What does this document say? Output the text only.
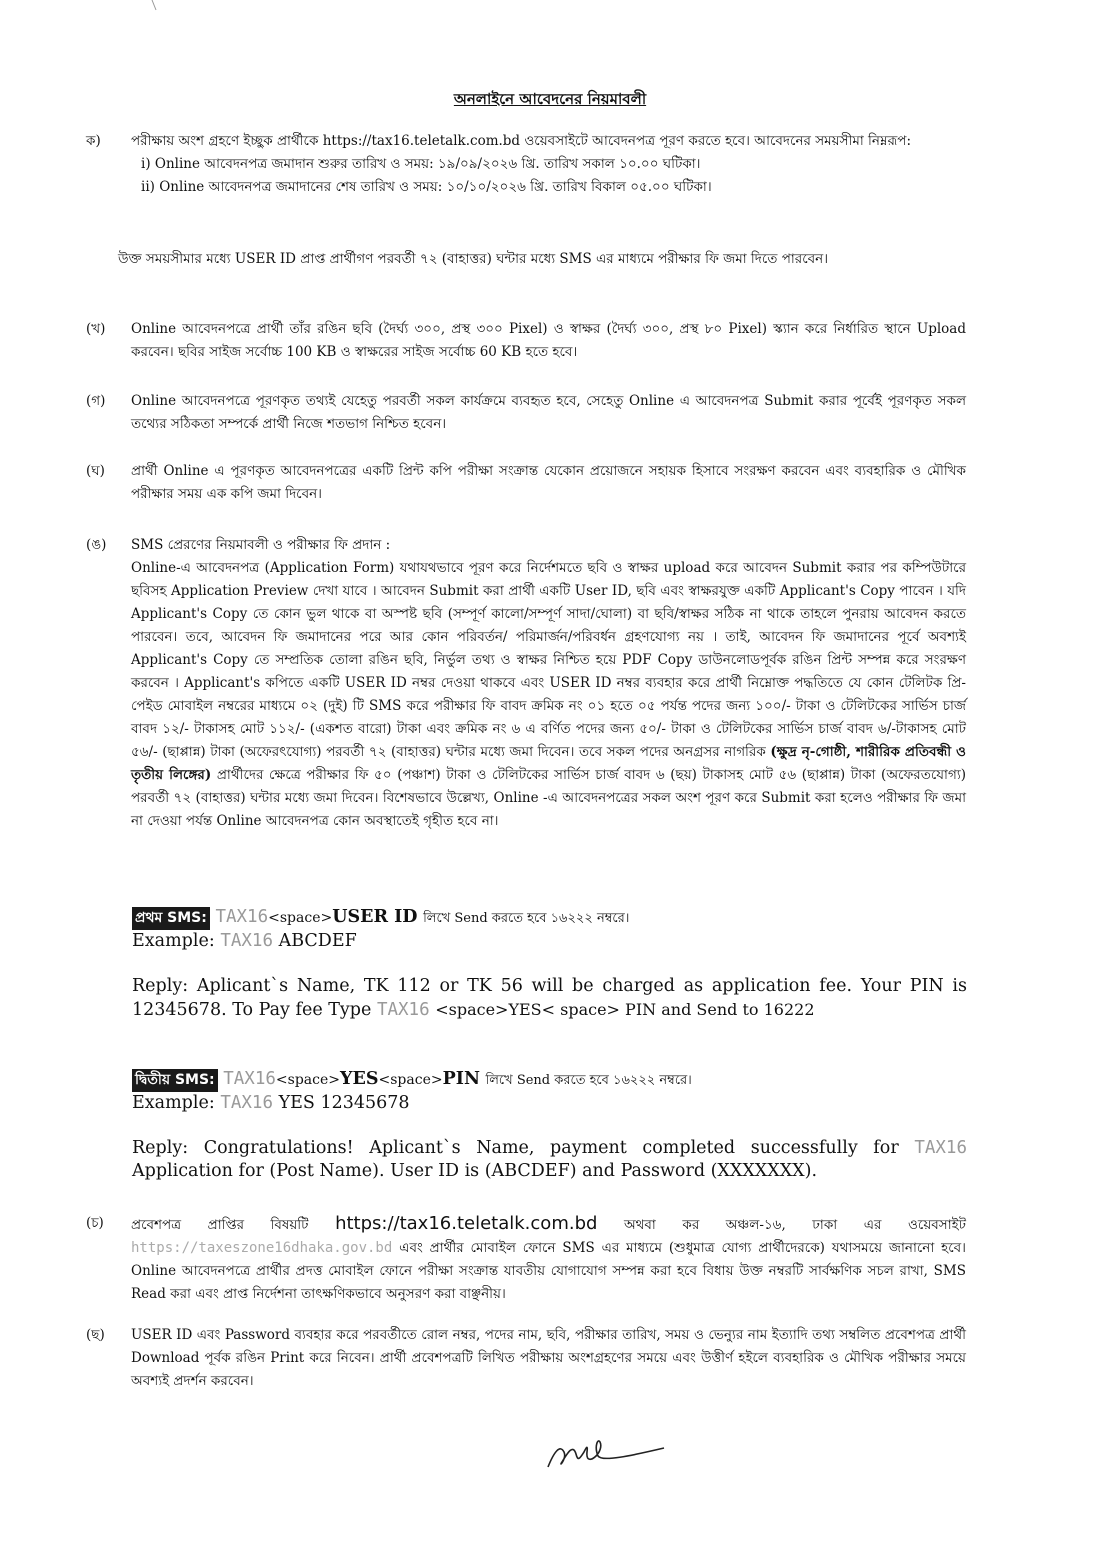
অনলাইনে আবেদনের নিয়মাবলী
ক)	পরীক্ষায় অংশ গ্রহণে ইচ্ছুক প্রার্থীকে https://tax16.teletalk.com.bd ওয়েবসাইটে আবেদনপত্র পূরণ করতে হবে। আবেদনের সময়সীমা নিম্নরূপ:

i) Online আবেদনপত্র জমাদান শুরুর তারিখ ও সময়: ১৯/০৯/২০২৬ খ্রি. তারিখ সকাল ১০.০০ ঘটিকা।

ii) Online আবেদনপত্র জমাদানের শেষ তারিখ ও সময়: ১০/১০/২০২৬ খ্রি. তারিখ বিকাল ০৫.০০ ঘটিকা।

উক্ত সময়সীমার মধ্যে USER ID প্রাপ্ত প্রার্থীগণ পরবর্তী ৭২ (বাহাত্তর) ঘন্টার মধ্যে SMS এর মাধ্যমে পরীক্ষার ফি জমা দিতে পারবেন।
(খ)	Online আবেদনপত্রে প্রার্থী তাঁর রঙিন ছবি (দৈর্ঘ্য ৩০০, প্রস্থ ৩০০ Pixel) ও স্বাক্ষর (দৈর্ঘ্য ৩০০, প্রস্থ ৮০ Pixel) স্ক্যান করে নির্ধারিত স্থানে Upload করবেন। ছবির সাইজ সর্বোচ্চ 100 KB ও স্বাক্ষরের সাইজ সর্বোচ্চ 60 KB হতে হবে।

(গ)	Online আবেদনপত্রে পূরণকৃত তথ্যই যেহেতু পরবর্তী সকল কার্যক্রমে ব্যবহৃত হবে, সেহেতু Online এ আবেদনপত্র Submit করার পূর্বেই পূরণকৃত সকল তথ্যের সঠিকতা সম্পর্কে প্রার্থী নিজে শতভাগ নিশ্চিত হবেন।

(ঘ)	প্রার্থী Online এ পূরণকৃত আবেদনপত্রের একটি প্রিন্ট কপি পরীক্ষা সংক্রান্ত যেকোন প্রয়োজনে সহায়ক হিসাবে সংরক্ষণ করবেন এবং ব্যবহারিক ও মৌখিক পরীক্ষার সময় এক কপি জমা দিবেন।

(ঙ)	SMS প্রেরণের নিয়মাবলী ও পরীক্ষার ফি প্রদান :

Online-এ আবেদনপত্র (Application Form) যথাযথভাবে পূরণ করে নির্দেশমতে ছবি ও স্বাক্ষর upload করে আবেদন Submit করার পর কম্পিউটারে ছবিসহ Application Preview দেখা যাবে । আবেদন Submit করা প্রার্থী একটি User ID, ছবি এবং স্বাক্ষরযুক্ত একটি Applicant's Copy পাবেন । যদি Applicant's Copy তে কোন ভুল থাকে বা অস্পষ্ট ছবি (সম্পূর্ণ কালো/সম্পূর্ণ সাদা/ঘোলা) বা ছবি/স্বাক্ষর সঠিক না থাকে তাহলে পুনরায় আবেদন করতে পারবেন। তবে, আবেদন ফি জমাদানের পরে আর কোন পরিবর্তন/ পরিমার্জন/পরিবর্ধন গ্রহণযোগ্য নয় । তাই, আবেদন ফি জমাদানের পূর্বে অবশ্যই Applicant's Copy তে সম্প্রতিক তোলা রঙিন ছবি, নির্ভুল তথ্য ও স্বাক্ষর নিশ্চিত হয়ে PDF Copy ডাউনলোডপূর্বক রঙিন প্রিন্ট সম্পন্ন করে সংরক্ষণ করবেন । Applicant's কপিতে একটি USER ID নম্বর দেওয়া থাকবে এবং USER ID নম্বর ব্যবহার করে প্রার্থী নিম্নোক্ত পদ্ধতিতে যে কোন টেলিটক প্রি-পেইড মোবাইল নম্বরের মাধ্যমে ০২ (দুই) টি SMS করে পরীক্ষার ফি বাবদ ক্রমিক নং ০১ হতে ০৫ পর্যন্ত পদের জন্য ১০০/- টাকা ও টেলিটকের সার্ভিস চার্জ বাবদ ১২/- টাকাসহ মোট ১১২/- (একশত বারো) টাকা এবং ক্রমিক নং ৬ এ বর্ণিত পদের জন্য ৫০/- টাকা ও টেলিটকের সার্ভিস চার্জ বাবদ ৬/-টাকাসহ মোট ৫৬/- (ছাপ্পান্ন) টাকা (অফেরৎযোগ্য) পরবর্তী ৭২ (বাহাত্তর) ঘন্টার মধ্যে জমা দিবেন। তবে সকল পদের অনগ্রসর নাগরিক (ক্ষুদ্র নৃ-গোষ্ঠী, শারীরিক প্রতিবন্ধী ও তৃতীয় লিঙ্গের) প্রার্থীদের ক্ষেত্রে পরীক্ষার ফি ৫০ (পঞ্চাশ) টাকা ও টেলিটকের সার্ভিস চার্জ বাবদ ৬ (ছয়) টাকাসহ মোট ৫৬ (ছাপ্পান্ন) টাকা (অফেরতযোগ্য) পরবর্তী ৭২ (বাহাত্তর) ঘন্টার মধ্যে জমা দিবেন। বিশেষভাবে উল্লেখ্য, Online -এ আবেদনপত্রের সকল অংশ পূরণ করে Submit করা হলেও পরীক্ষার ফি জমা না দেওয়া পর্যন্ত Online আবেদনপত্র কোন অবস্থাতেই গৃহীত হবে না।

প্রথম SMS: TAX16<space>USER ID লিখে Send করতে হবে ১৬২২২ নম্বরে।

Example: TAX16 ABCDEF

Reply: Aplicant`s Name, TK 112 or TK 56 will be charged as application fee. Your PIN is 12345678. To Pay fee Type TAX16 <space>YES< space> PIN and Send to 16222

দ্বিতীয় SMS: TAX16<space>YES<space>PIN লিখে Send করতে হবে ১৬২২২ নম্বরে।

Example: TAX16 YES 12345678

Reply: Congratulations! Aplicant`s Name, payment completed successfully for TAX16 Application for (Post Name). User ID is (ABCDEF) and Password (XXXXXXX).

(চ)	প্রবেশপত্র প্রাপ্তির বিষয়টি https://tax16.teletalk.com.bd অথবা কর অঞ্চল-১৬, ঢাকা এর ওয়েবসাইট https://taxeszone16dhaka.gov.bd এবং প্রার্থীর মোবাইল ফোনে SMS এর মাধ্যমে (শুধুমাত্র যোগ্য প্রার্থীদেরকে) যথাসময়ে জানানো হবে। Online আবেদনপত্রে প্রার্থীর প্রদত্ত মোবাইল ফোনে পরীক্ষা সংক্রান্ত যাবতীয় যোগাযোগ সম্পন্ন করা হবে বিধায় উক্ত নম্বরটি সার্বক্ষণিক সচল রাখা, SMS Read করা এবং প্রাপ্ত নির্দেশনা তাৎক্ষণিকভাবে অনুসরণ করা বাঞ্ছনীয়।

(ছ)	USER ID এবং Password ব্যবহার করে পরবর্তীতে রোল নম্বর, পদের নাম, ছবি, পরীক্ষার তারিখ, সময় ও ভেন্যুর নাম ইত্যাদি তথ্য সম্বলিত প্রবেশপত্র প্রার্থী Download পূর্বক রঙিন Print করে নিবেন। প্রার্থী প্রবেশপত্রটি লিখিত পরীক্ষায় অংশগ্রহণের সময়ে এবং উত্তীর্ণ হইলে ব্যবহারিক ও মৌখিক পরীক্ষার সময়ে অবশ্যই প্রদর্শন করবেন।
